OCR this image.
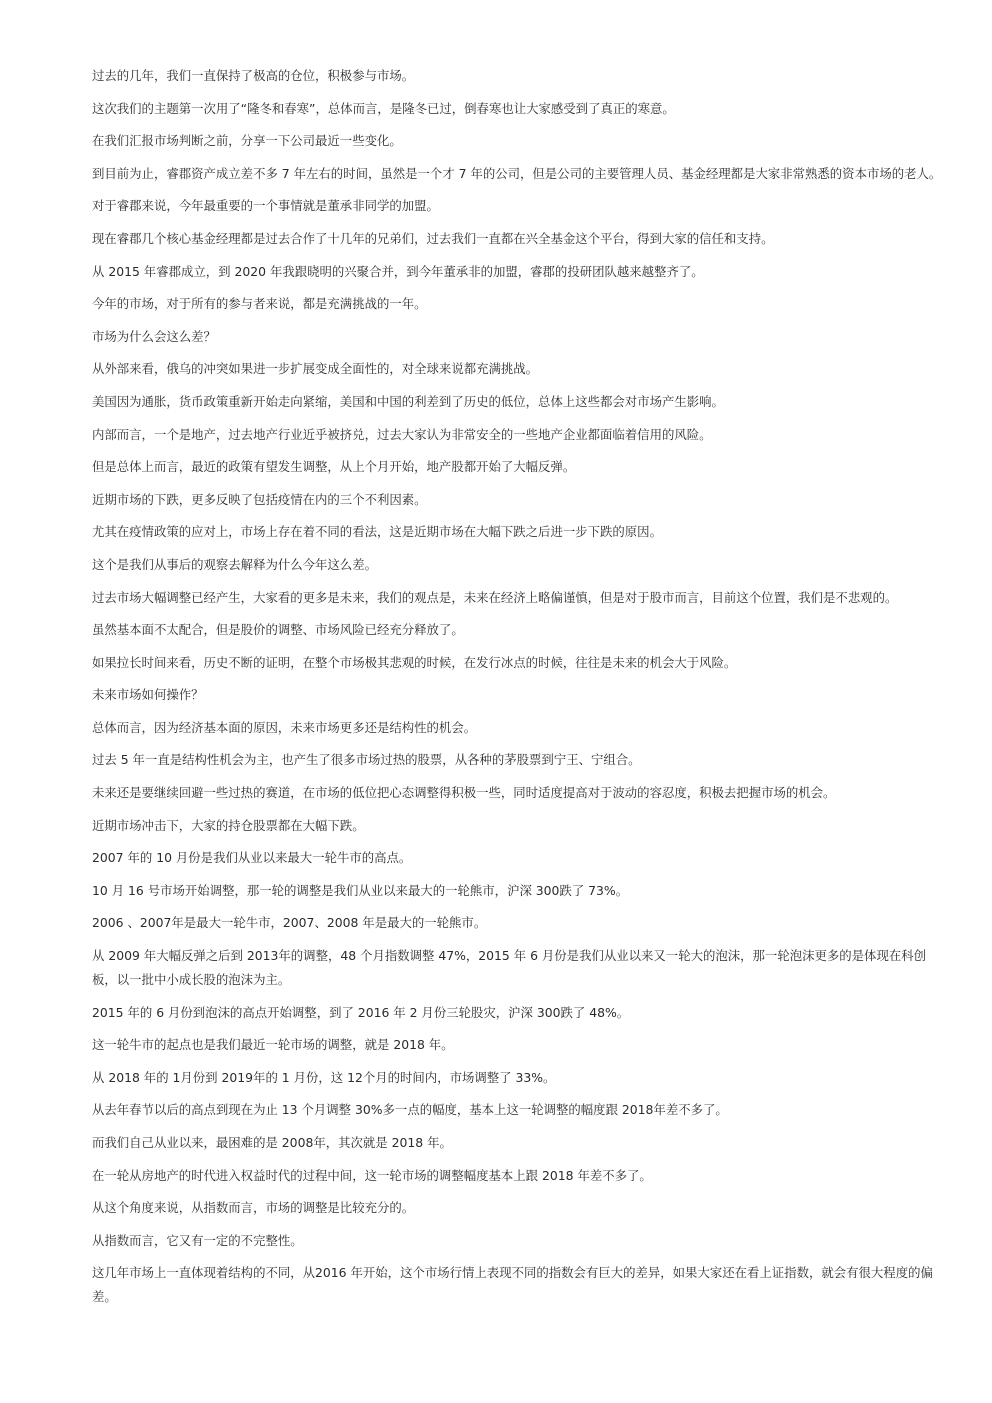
过去的几年，我们一直保持了极高的仓位，积极参与市场。

这次我们的主题第一次用了“隆冬和春寒”，总体而言，是隆冬已过，倒春寒也让大家感受到了真正的寒意。

在我们汇报市场判断之前，分享一下公司最近一些变化。

到目前为止，睿郡资产成立差不多 7 年左右的时间，虽然是一个才 7 年的公司，但是公司的主要管理人员、基金经理都是大家非常熟悉的资本市场的老人。

对于睿郡来说，今年最重要的一个事情就是董承非同学的加盟。

现在睿郡几个核心基金经理都是过去合作了十几年的兄弟们，过去我们一直都在兴全基金这个平台，得到大家的信任和支持。

从 2015 年睿郡成立，到 2020 年我跟晓明的兴聚合并，到今年董承非的加盟，睿郡的投研团队越来越整齐了。

今年的市场，对于所有的参与者来说，都是充满挑战的一年。

市场为什么会这么差？

从外部来看，俄乌的冲突如果进一步扩展变成全面性的，对全球来说都充满挑战。

美国因为通胀，货币政策重新开始走向紧缩，美国和中国的利差到了历史的低位，总体上这些都会对市场产生影响。

内部而言，一个是地产，过去地产行业近乎被挤兑，过去大家认为非常安全的一些地产企业都面临着信用的风险。

但是总体上而言，最近的政策有望发生调整，从上个月开始，地产股都开始了大幅反弹。

近期市场的下跌，更多反映了包括疫情在内的三个不利因素。

尤其在疫情政策的应对上，市场上存在着不同的看法，这是近期市场在大幅下跌之后进一步下跌的原因。

这个是我们从事后的观察去解释为什么今年这么差。

过去市场大幅调整已经产生，大家看的更多是未来，我们的观点是，未来在经济上略偏谨慎，但是对于股市而言，目前这个位置，我们是不悲观的。

虽然基本面不太配合，但是股价的调整、市场风险已经充分释放了。

如果拉长时间来看，历史不断的证明，在整个市场极其悲观的时候，在发行冰点的时候，往往是未来的机会大于风险。

未来市场如何操作？

总体而言，因为经济基本面的原因，未来市场更多还是结构性的机会。

过去 5 年一直是结构性机会为主，也产生了很多市场过热的股票，从各种的茅股票到宁王、宁组合。

未来还是要继续回避一些过热的赛道，在市场的低位把心态调整得积极一些，同时适度提高对于波动的容忍度，积极去把握市场的机会。

近期市场冲击下，大家的持仓股票都在大幅下跌。

2007 年的 10 月份是我们从业以来最大一轮牛市的高点。

10 月 16 号市场开始调整，那一轮的调整是我们从业以来最大的一轮熊市，沪深 300跌了 73%。

2006 、2007年是最大一轮牛市，2007、2008 年是最大的一轮熊市。

从 2009 年大幅反弹之后到 2013年的调整，48 个月指数调整 47%，2015 年 6 月份是我们从业以来又一轮大的泡沫，那一轮泡沫更多的是体现在科创板，以一批中小成长股的泡沫为主。

2015 年的 6 月份到泡沫的高点开始调整，到了 2016 年 2 月份三轮股灾，沪深 300跌了 48%。

这一轮牛市的起点也是我们最近一轮市场的调整，就是 2018 年。

从 2018 年的 1月份到 2019年的 1 月份，这 12个月的时间内，市场调整了 33%。

从去年春节以后的高点到现在为止 13 个月调整 30%多一点的幅度，基本上这一轮调整的幅度跟 2018年差不多了。

而我们自己从业以来，最困难的是 2008年，其次就是 2018 年。

在一轮从房地产的时代进入权益时代的过程中间，这一轮市场的调整幅度基本上跟 2018 年差不多了。

从这个角度来说，从指数而言，市场的调整是比较充分的。

从指数而言，它又有一定的不完整性。

这几年市场上一直体现着结构的不同，从2016 年开始，这个市场行情上表现不同的指数会有巨大的差异，如果大家还在看上证指数，就会有很大程度的偏差。
